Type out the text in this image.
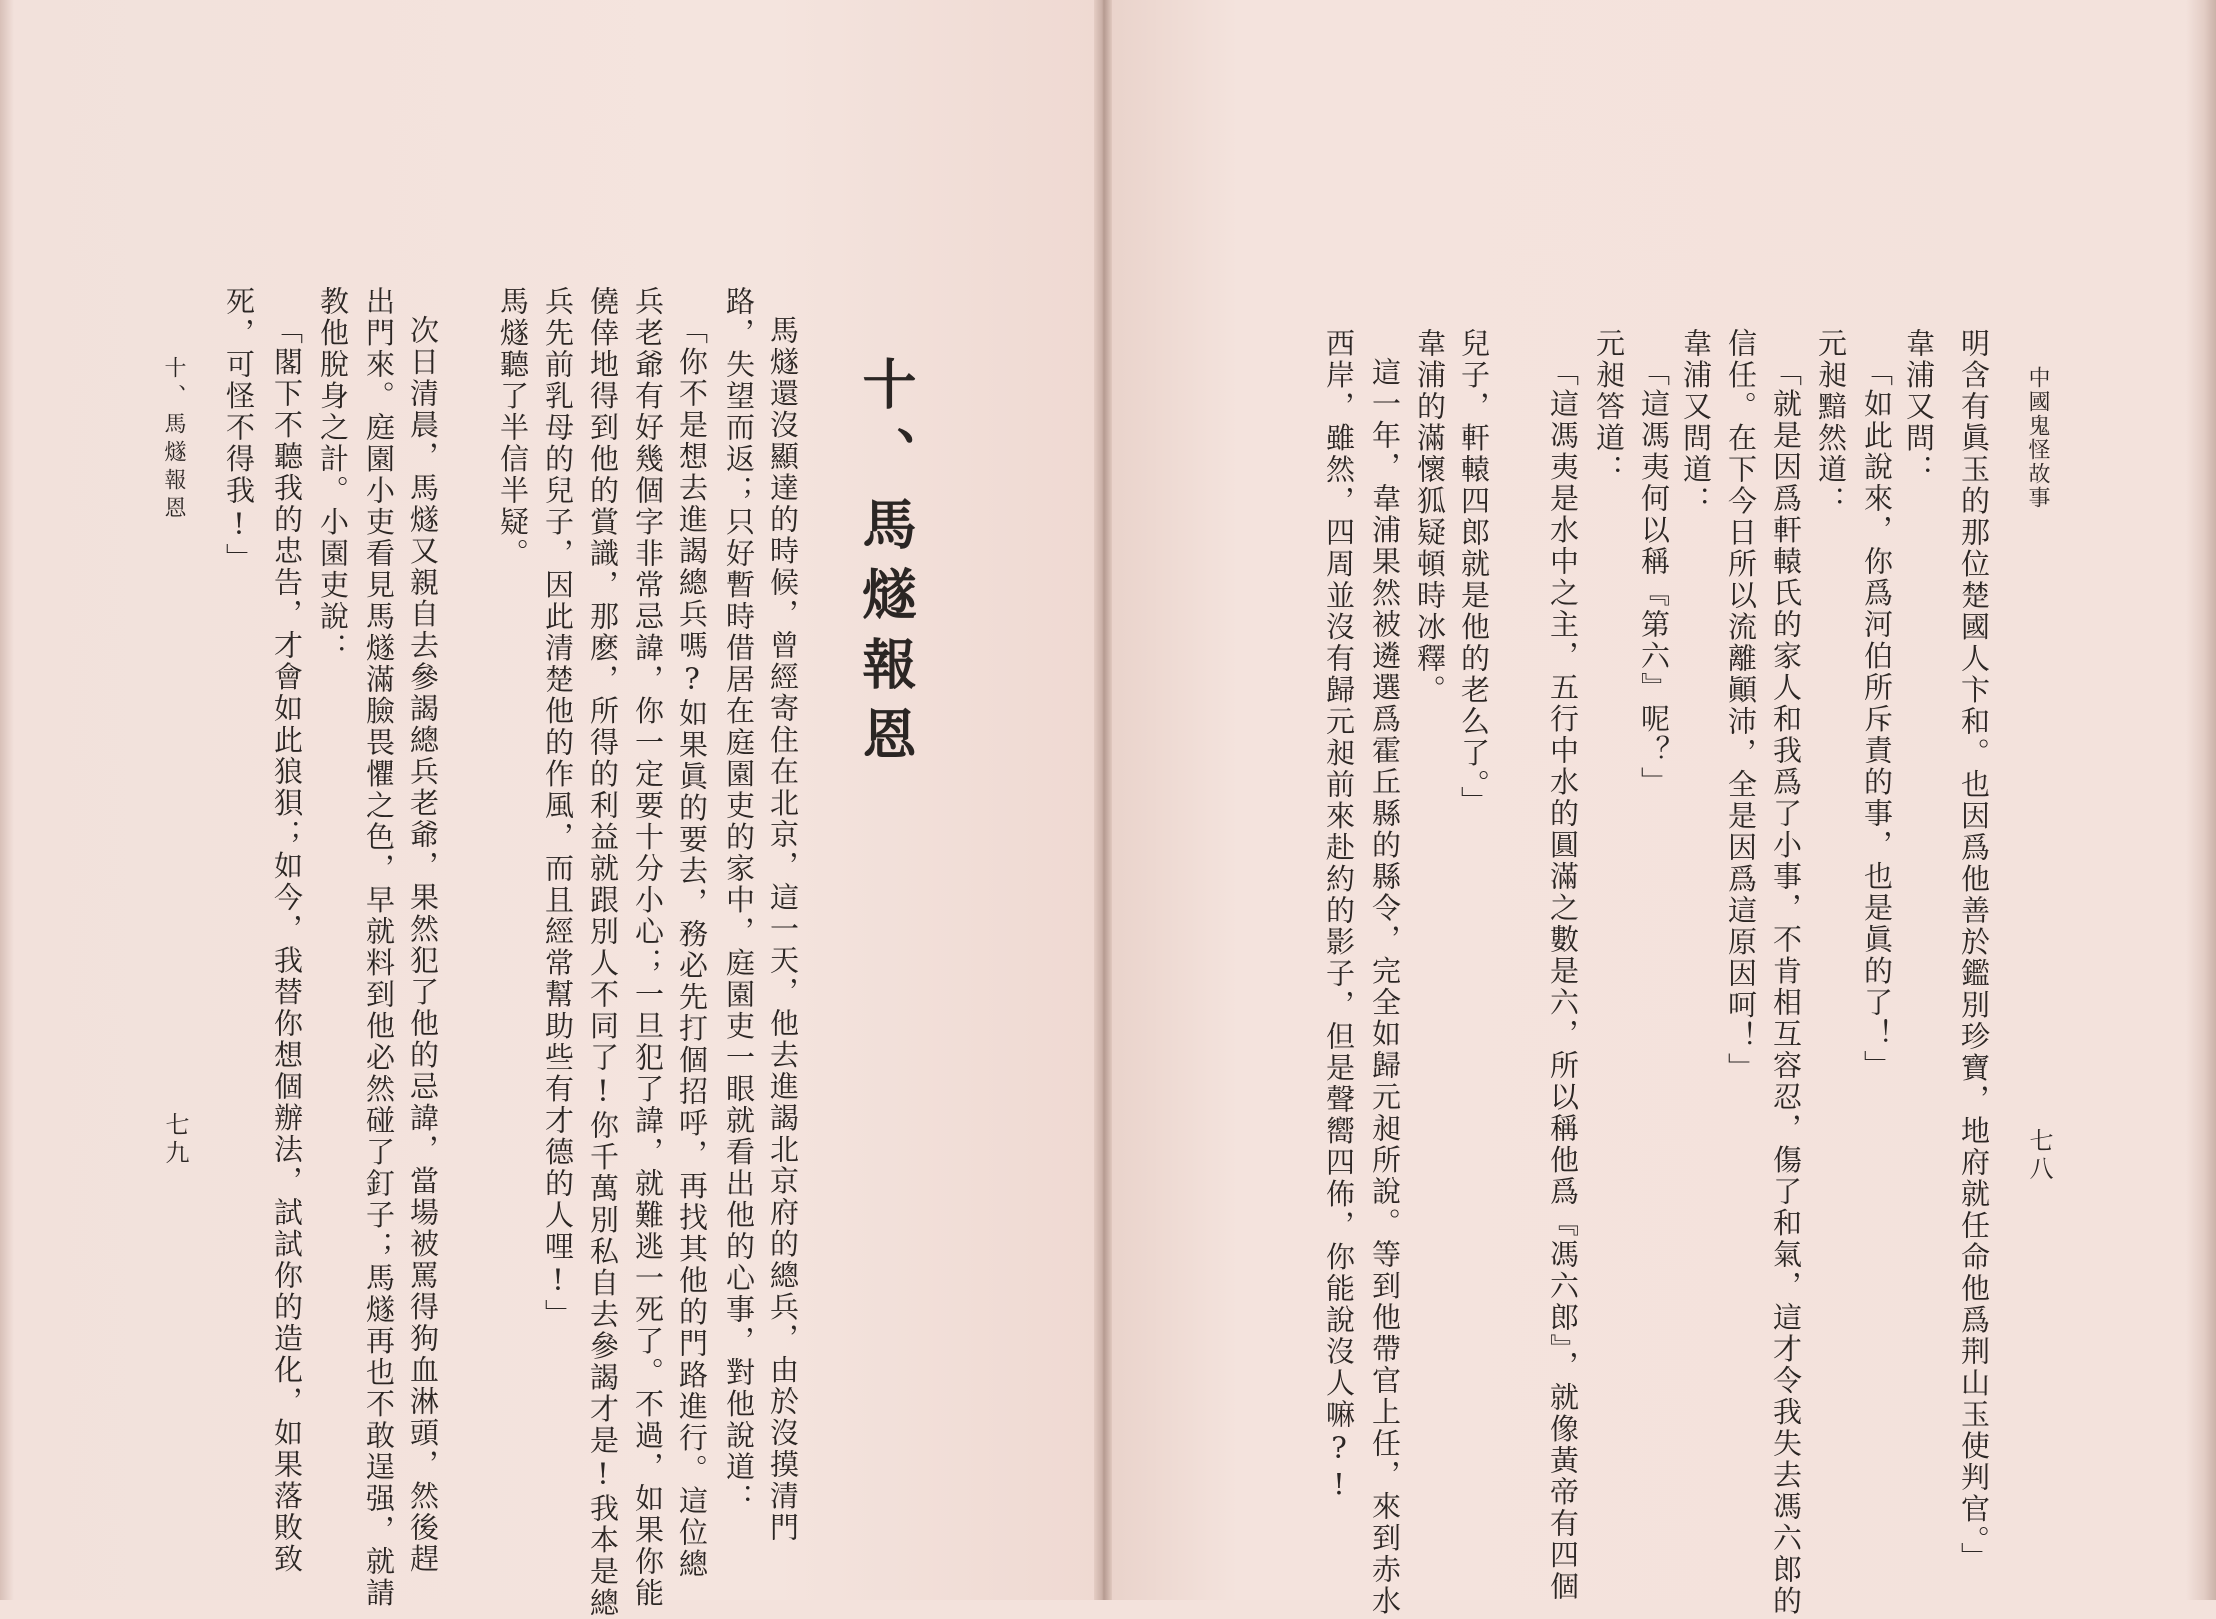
中國鬼怪故事
七八
明含有眞玉的那位楚國人卞和。也因爲他善於鑑別珍寶，地府就任命他爲荆山玉使判官。」
韋浦又問：
「如此說來，你爲河伯所斥責的事，也是眞的了！」
元昶黯然道：
「就是因爲軒轅氏的家人和我爲了小事，不肯相互容忍，傷了和氣，這才令我失去馮六郎的
信任。在下今日所以流離顚沛，全是因爲這原因呵！」
韋浦又問道：
「這馮夷何以稱『第六』呢？」
元昶答道：
「這馮夷是水中之主，五行中水的圓滿之數是六，所以稱他爲『馮六郎』，就像黃帝有四個
兒子，軒轅四郎就是他的老么了。」
韋浦的滿懷狐疑頓時冰釋。
這一年，韋浦果然被遴選爲霍丘縣的縣令，完全如歸元昶所說。等到他帶官上任，來到赤水
西岸，雖然，四周並沒有歸元昶前來赴約的影子，但是聲嚮四佈，你能說沒人嘛?!
十、馬燧報恩
馬燧還沒顯達的時候，曾經寄住在北京，這一天，他去進謁北京府的總兵，由於沒摸清門
路，失望而返；只好暫時借居在庭園吏的家中，庭園吏一眼就看出他的心事，對他說道：
「你不是想去進謁總兵嗎?如果眞的要去，務必先打個招呼，再找其他的門路進行。這位總
兵老爺有好幾個字非常忌諱，你一定要十分小心；一旦犯了諱，就難逃一死了。不過，如果你能
僥倖地得到他的賞識，那麽，所得的利益就跟別人不同了!你千萬別私自去參謁才是!我本是總
兵先前乳母的兒子，因此清楚他的作風，而且經常幫助些有才德的人哩!」
馬燧聽了半信半疑。
次日清晨，馬燧又親自去參謁總兵老爺，果然犯了他的忌諱，當場被罵得狗血淋頭，然後趕
出門來。庭園小吏看見馬燧滿臉畏懼之色，早就料到他必然碰了釘子；馬燧再也不敢逞强，就請
教他脫身之計。小園吏說：
「閣下不聽我的忠告，才會如此狼狽；如今，我替你想個辦法，試試你的造化，如果落敗致
死，可怪不得我!」
十、馬燧報恩
七九
